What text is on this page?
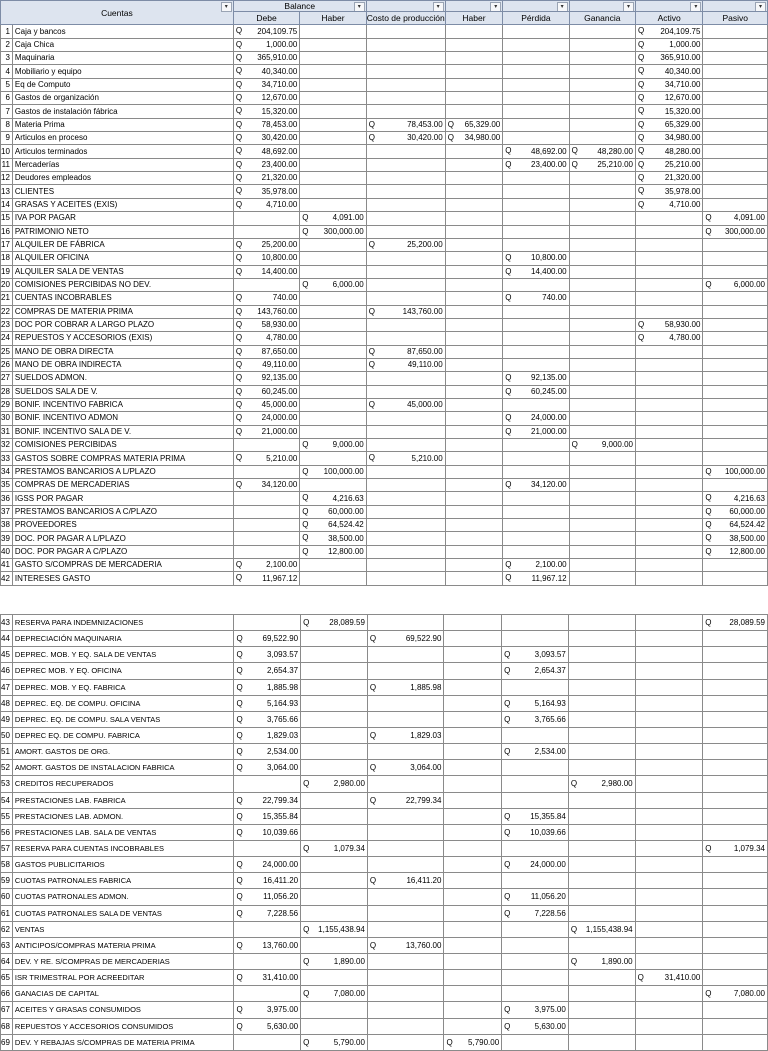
Cuentas
▾		Balance ▾		▾	▾	▾	▾	▾	▾

		Debe	Haber	Costo de producción	Haber	Pérdida	Ganancia	Activo	Pasivo
1	Caja y bancos	Q 204,109.75						Q 204,109.75	
2	Caja Chica	Q 1,000.00						Q 1,000.00	
3	Maquinaria	Q 365,910.00						Q 365,910.00	
4	Mobiliario y equipo	Q 40,340.00						Q 40,340.00	
5	Eq de Computo	Q 34,710.00						Q 34,710.00	
6	Gastos de organización	Q 12,670.00						Q 12,670.00	
7	Gastos de instalación fábrica	Q 15,320.00						Q 15,320.00	
8	Materia Prima	Q 78,453.00		Q 78,453.00	Q 65,329.00			Q 65,329.00	
9	Articulos en proceso	Q 30,420.00		Q 30,420.00	Q 34,980.00			Q 34,980.00	
10	Articulos terminados	Q 48,692.00				Q 48,692.00	Q 48,280.00	Q 48,280.00	
11	Mercaderías	Q 23,400.00				Q 23,400.00	Q 25,210.00	Q 25,210.00	
12	Deudores empleados	Q 21,320.00						Q 21,320.00	
13	CLIENTES	Q 35,978.00						Q 35,978.00	
14	GRASAS Y ACEITES (EXIS)	Q 4,710.00						Q 4,710.00	
15	IVA POR PAGAR		Q 4,091.00						Q 4,091.00
16	PATRIMONIO NETO		Q 300,000.00						Q 300,000.00
17	ALQUILER DE FÁBRICA	Q 25,200.00		Q 25,200.00					
18	ALQUILER OFICINA	Q 10,800.00				Q 10,800.00			
19	ALQUILER SALA DE VENTAS	Q 14,400.00				Q 14,400.00			
20	COMISIONES PERCIBIDAS NO DEV.		Q 6,000.00						Q 6,000.00
21	CUENTAS INCOBRABLES	Q 740.00				Q 740.00			
22	COMPRAS DE MATERIA PRIMA	Q 143,760.00		Q 143,760.00					
23	DOC POR COBRAR A LARGO PLAZO	Q 58,930.00						Q 58,930.00	
24	REPUESTOS Y ACCESORIOS (EXIS)	Q 4,780.00						Q 4,780.00	
25	MANO DE OBRA DIRECTA	Q 87,650.00		Q 87,650.00					
26	MANO DE OBRA INDIRECTA	Q 49,110.00		Q 49,110.00					
27	SUELDOS ADMON.	Q 92,135.00				Q 92,135.00			
28	SUELDOS SALA DE V.	Q 60,245.00				Q 60,245.00			
29	BONIF. INCENTIVO FABRICA	Q 45,000.00		Q 45,000.00					
30	BONIF. INCENTIVO ADMON	Q 24,000.00				Q 24,000.00			
31	BONIF. INCENTIVO SALA DE V.	Q 21,000.00				Q 21,000.00			
32	COMISIONES PERCIBIDAS		Q 9,000.00				Q 9,000.00		
33	GASTOS SOBRE COMPRAS MATERIA PRIMA	Q 5,210.00		Q 5,210.00					
34	PRESTAMOS BANCARIOS A L/PLAZO		Q 100,000.00						Q 100,000.00
35	COMPRAS DE MERCADERIAS	Q 34,120.00				Q 34,120.00			
36	IGSS POR PAGAR		Q 4,216.63						Q 4,216.63
37	PRESTAMOS BANCARIOS A C/PLAZO		Q 60,000.00						Q 60,000.00
38	PROVEEDORES		Q 64,524.42						Q 64,524.42
39	DOC. POR PAGAR A L/PLAZO		Q 38,500.00						Q 38,500.00
40	DOC. POR PAGAR A C/PLAZO		Q 12,800.00						Q 12,800.00
41	GASTO S/COMPRAS DE MERCADERIA	Q 2,100.00				Q 2,100.00			
42	INTERESES GASTO	Q 11,967.12				Q 11,967.12			
43	RESERVA PARA INDEMNIZACIONES		Q 28,089.59						Q 28,089.59
44	DEPRECIACIÓN MAQUINARIA	Q 69,522.90		Q 69,522.90					
45	DEPREC. MOB. Y EQ. SALA DE VENTAS	Q 3,093.57				Q 3,093.57			
46	DEPREC MOB. Y EQ. OFICINA	Q 2,654.37				Q 2,654.37			
47	DEPREC. MOB. Y EQ. FABRICA	Q 1,885.98		Q 1,885.98					
48	DEPREC. EQ. DE COMPU. OFICINA	Q 5,164.93				Q 5,164.93			
49	DEPREC. EQ. DE COMPU. SALA VENTAS	Q 3,765.66				Q 3,765.66			
50	DEPREC EQ. DE COMPU. FABRICA	Q 1,829.03		Q 1,829.03					
51	AMORT. GASTOS DE ORG.	Q 2,534.00				Q 2,534.00			
52	AMORT. GASTOS DE INSTALACION FABRICA	Q 3,064.00		Q 3,064.00					
53	CREDITOS RECUPERADOS		Q 2,980.00				Q 2,980.00		
54	PRESTACIONES LAB. FABRICA	Q 22,799.34		Q 22,799.34					
55	PRESTACIONES LAB. ADMON.	Q 15,355.84				Q 15,355.84			
56	PRESTACIONES LAB. SALA DE VENTAS	Q 10,039.66				Q 10,039.66			
57	RESERVA PARA CUENTAS INCOBRABLES		Q 1,079.34						Q 1,079.34
58	GASTOS PUBLICITARIOS	Q 24,000.00				Q 24,000.00			
59	CUOTAS PATRONALES FABRICA	Q 16,411.20		Q 16,411.20					
60	CUOTAS PATRONALES ADMON.	Q 11,056.20				Q 11,056.20			
61	CUOTAS PATRONALES SALA DE VENTAS	Q 7,228.56				Q 7,228.56			
62	VENTAS		Q 1,155,438.94				Q 1,155,438.94		
63	ANTICIPOS/COMPRAS MATERIA PRIMA	Q 13,760.00		Q 13,760.00					
64	DEV. Y RE. S/COMPRAS DE MERCADERIAS		Q 1,890.00				Q 1,890.00		
65	ISR TRIMESTRAL POR ACREEDITAR	Q 31,410.00						Q 31,410.00	
66	GANACIAS DE CAPITAL		Q 7,080.00						Q 7,080.00
67	ACEITES Y GRASAS CONSUMIDOS	Q 3,975.00				Q 3,975.00			
68	REPUESTOS Y ACCESORIOS CONSUMIDOS	Q 5,630.00				Q 5,630.00			
69	DEV. Y REBAJAS S/COMPRAS DE MATERIA PRIMA		Q 5,790.00		Q 5,790.00				
